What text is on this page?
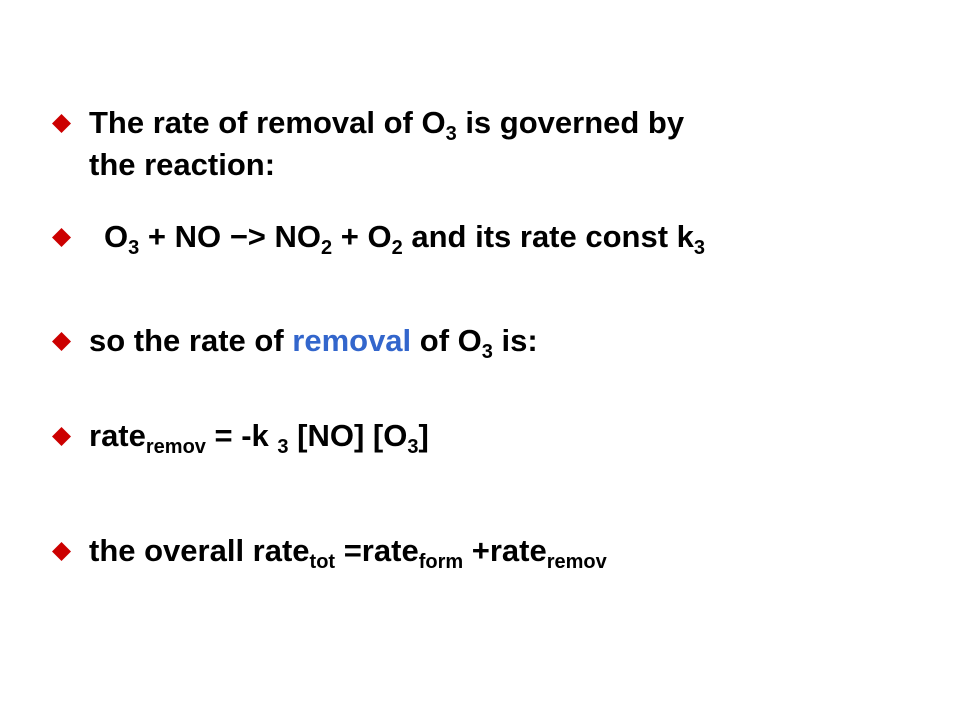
The rate of removal of $O_3$ is governed by
the reaction:
$O_3$ + NO −> $NO_2 + O_2$ and its rate const $k_3$
so the rate of removal of $O_3$ is:
rate$_{remov}$ = -k $_3$ [NO] $[O_3]$
the overall rate$_{tot}$ =rate$_{form}$ +rate$_{remov}$
